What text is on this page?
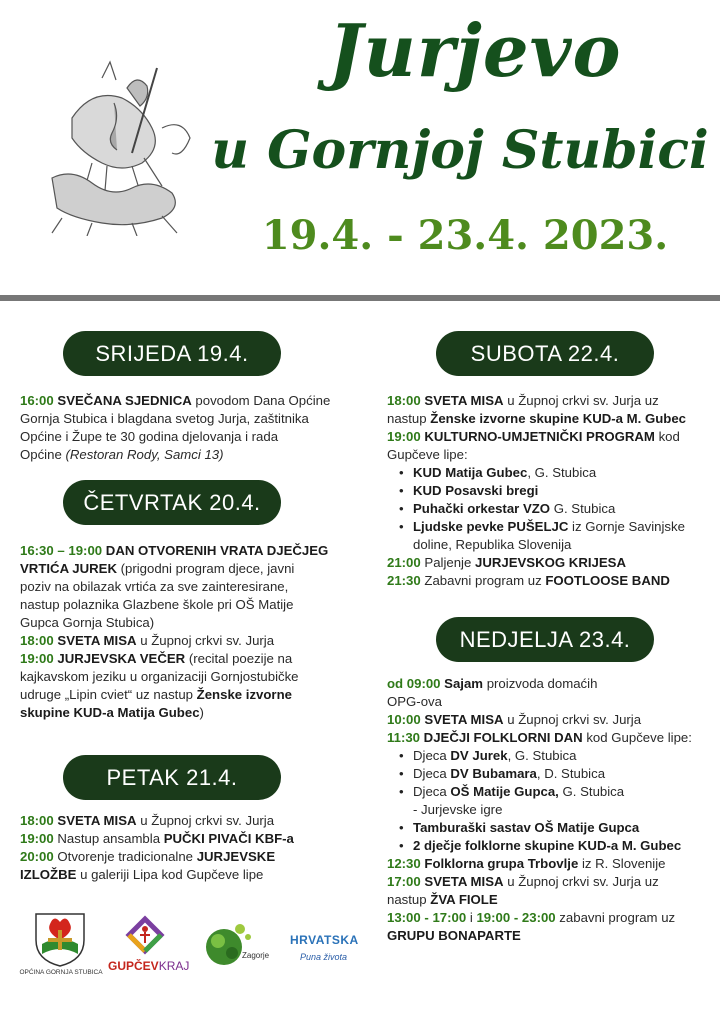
Jurjevo
u Gornjoj Stubici
19.4. - 23.4. 2023.
SRIJEDA 19.4.
ČETVRTAK 20.4.
PETAK 21.4.
SUBOTA 22.4.
NEDJELJA 23.4.
16:00 SVEČANA SJEDNICA povodom Dana Općine
Gornja Stubica i blagdana svetog Jurja, zaštitnika
Općine i Župe te 30 godina djelovanja i rada
Općine (Restoran Rody, Samci 13)
16:30 – 19:00 DAN OTVORENIH VRATA DJEČJEG
VRTIĆA JUREK (prigodni program djece, javni
poziv na obilazak vrtića za sve zainteresirane,
nastup polaznika Glazbene škole pri OŠ Matije
Gupca Gornja Stubica)
18:00 SVETA MISA u Župnoj crkvi sv. Jurja
19:00 JURJEVSKA VEČER (recital poezije na
kajkavskom jeziku u organizaciji Gornjostubičke
udruge „Lipin cviet“ uz nastup Ženske izvorne
skupine KUD-a Matija Gubec)
18:00 SVETA MISA u Župnoj crkvi sv. Jurja
19:00 Nastup ansambla PUČKI PIVAČI KBF-a
20:00 Otvorenje tradicionalne JURJEVSKE
IZLOŽBE u galeriji Lipa kod Gupčeve lipe
18:00 SVETA MISA u Župnoj crkvi sv. Jurja uz
nastup Ženske izvorne skupine KUD-a M. Gubec
19:00 KULTURNO-UMJETNIČKI PROGRAM kod
Gupčeve lipe:
• KUD Matija Gubec, G. Stubica
• KUD Posavski bregi
• Puhački orkestar VZO G. Stubica
• Ljudske pevke PUŠELJC iz Gornje Savinjske
doline, Republika Slovenija
21:00 Paljenje JURJEVSKOG KRIJESA
21:30 Zabavni program uz FOOTLOOSE BAND
od 09:00 Sajam proizvoda domaćih
OPG-ova
10:00 SVETA MISA u Župnoj crkvi sv. Jurja
11:30 DJEČJI FOLKLORNI DAN kod Gupčeve lipe:
• Djeca DV Jurek, G. Stubica
• Djeca DV Bubamara, D. Stubica
• Djeca OŠ Matije Gupca, G. Stubica
- Jurjevske igre
• Tamburaški sastav OŠ Matije Gupca
• 2 dječje folklorne skupine KUD-a M. Gubec
12:30 Folklorna grupa Trbovlje iz R. Slovenije
17:00 SVETA MISA u Župnoj crkvi sv. Jurja uz
nastup ŽVA FIOLE
13:00 - 17:00 i 19:00 - 23:00 zabavni program uz
GRUPU BONAPARTE
OPĆINA GORNJA STUBICA GUPČEVKRAJ
Zagorje
HRVATSKA
Puna života
